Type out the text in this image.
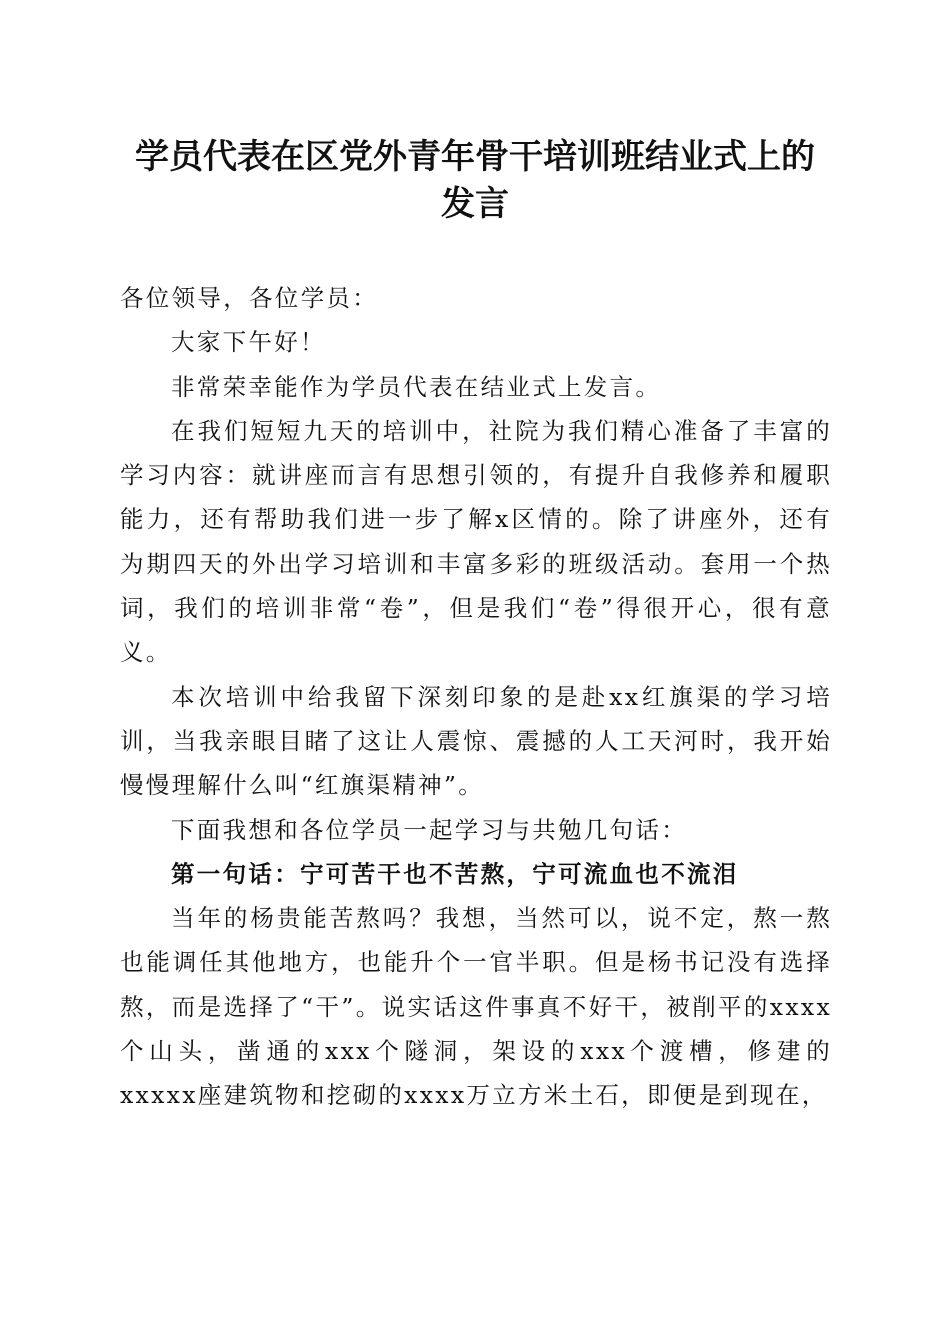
学员代表在区党外青年骨干培训班结业式上的
发言

各位领导，各位学员：

大家下午好！

非常荣幸能作为学员代表在结业式上发言。

在我们短短九天的培训中，社院为我们精心准备了丰富的学习内容：就讲座而言有思想引领的，有提升自我修养和履职能力，还有帮助我们进一步了解x区情的。除了讲座外，还有为期四天的外出学习培训和丰富多彩的班级活动。套用一个热词，我们的培训非常“卷”，但是我们“卷”得很开心，很有意义。

本次培训中给我留下深刻印象的是赴xx红旗渠的学习培训，当我亲眼目睹了这让人震惊、震撼的人工天河时，我开始慢慢理解什么叫“红旗渠精神”。

下面我想和各位学员一起学习与共勉几句话：

第一句话：宁可苦干也不苦熬，宁可流血也不流泪

当年的杨贵能苦熬吗？我想，当然可以，说不定，熬一熬也能调任其他地方，也能升个一官半职。但是杨书记没有选择熬，而是选择了“干”。说实话这件事真不好干，被削平的xxxx个山头，凿通的xxx个隧洞，架设的xxx个渡槽，修建的xxxxx座建筑物和挖砌的xxxx万立方米土石，即便是到现在，
